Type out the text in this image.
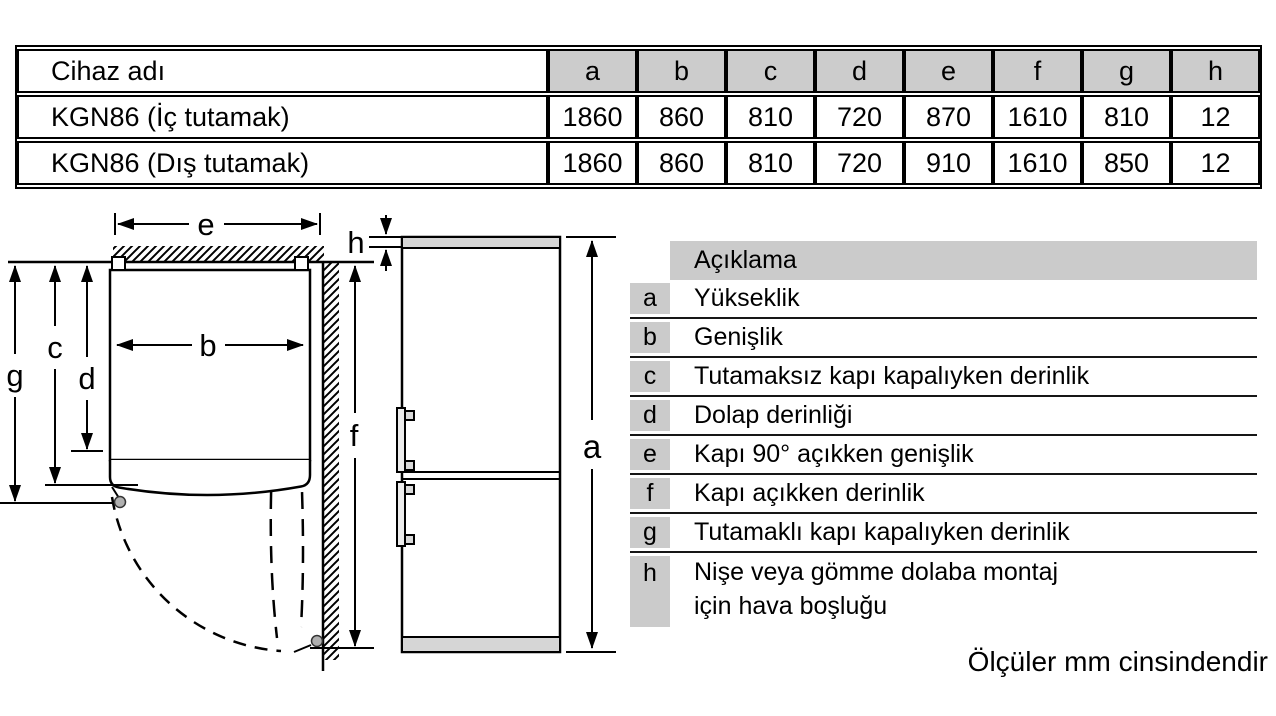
Cihaz adı	a	b	c	d	e	f	g	h
KGN86 (İç tutamak)	1860	860	810	720	870	1610	810	12
KGN86 (Dış tutamak)	1860	860	810	720	910	1610	850	12
e
h
b
g
c
d
f	a
Açıklama
a	Yükseklik
b	Genişlik
c	Tutamaksız kapı kapalıyken derinlik
d	Dolap derinliği
e	Kapı 90° açıkken genişlik
f	Kapı açıkken derinlik
g	Tutamaklı kapı kapalıyken derinlik
h	Nişe veya gömme dolaba montaj
için hava boşluğu
Ölçüler mm cinsindendir
